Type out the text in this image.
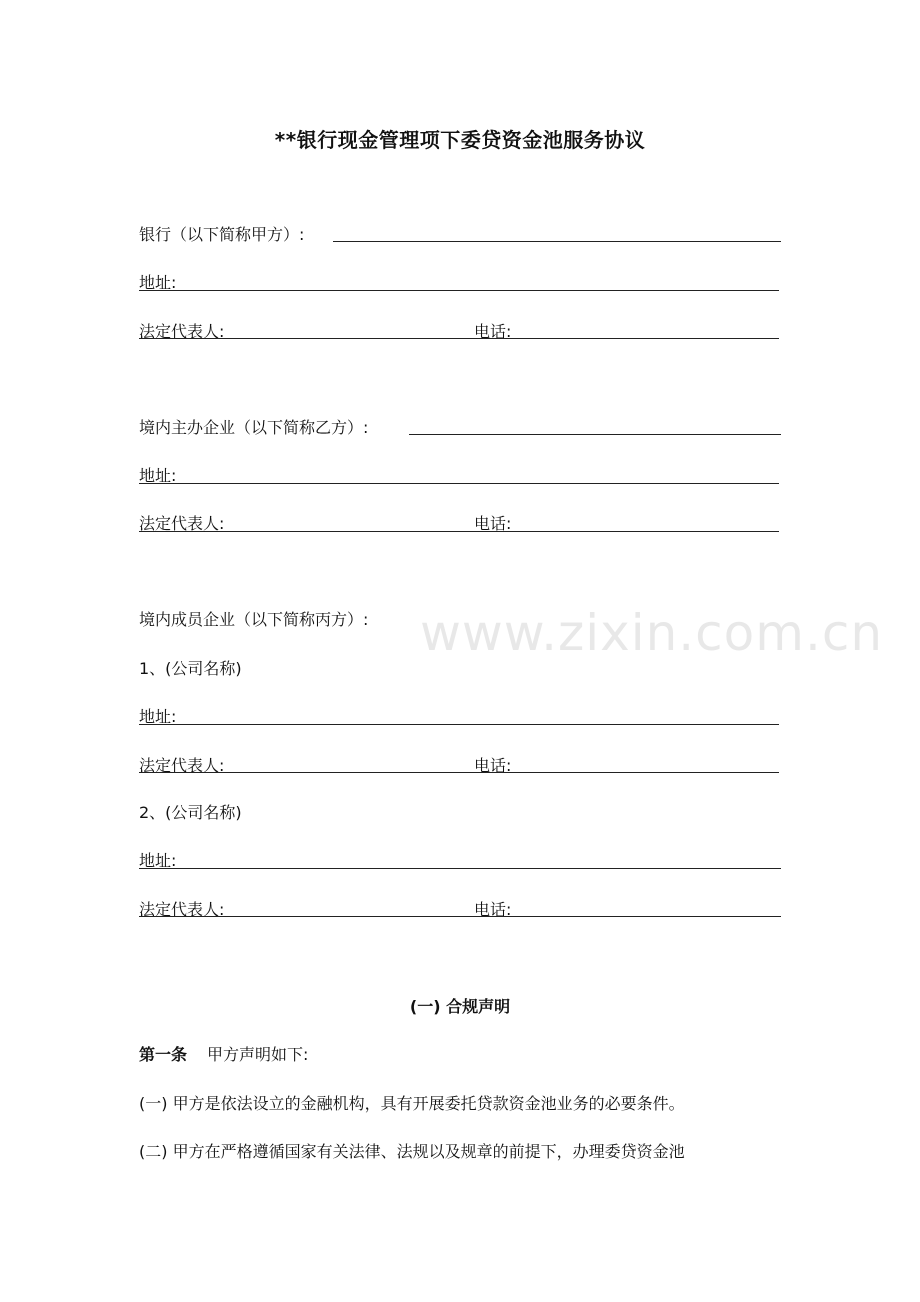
www.zixin.com.cn
**银行现金管理项下委贷资金池服务协议
银行（以下简称甲方）:
地址:
法定代表人:	电话:
境内主办企业（以下简称乙方）:
地址:
法定代表人:	电话:
境内成员企业（以下简称丙方）:
1、(公司名称)
地址:
法定代表人:	电话:
2、(公司名称)
地址:
法定代表人:	电话:
(一) 合规声明
第一条 甲方声明如下:
(一) 甲方是依法设立的金融机构，具有开展委托贷款资金池业务的必要条件。
(二) 甲方在严格遵循国家有关法律、法规以及规章的前提下，办理委贷资金池
